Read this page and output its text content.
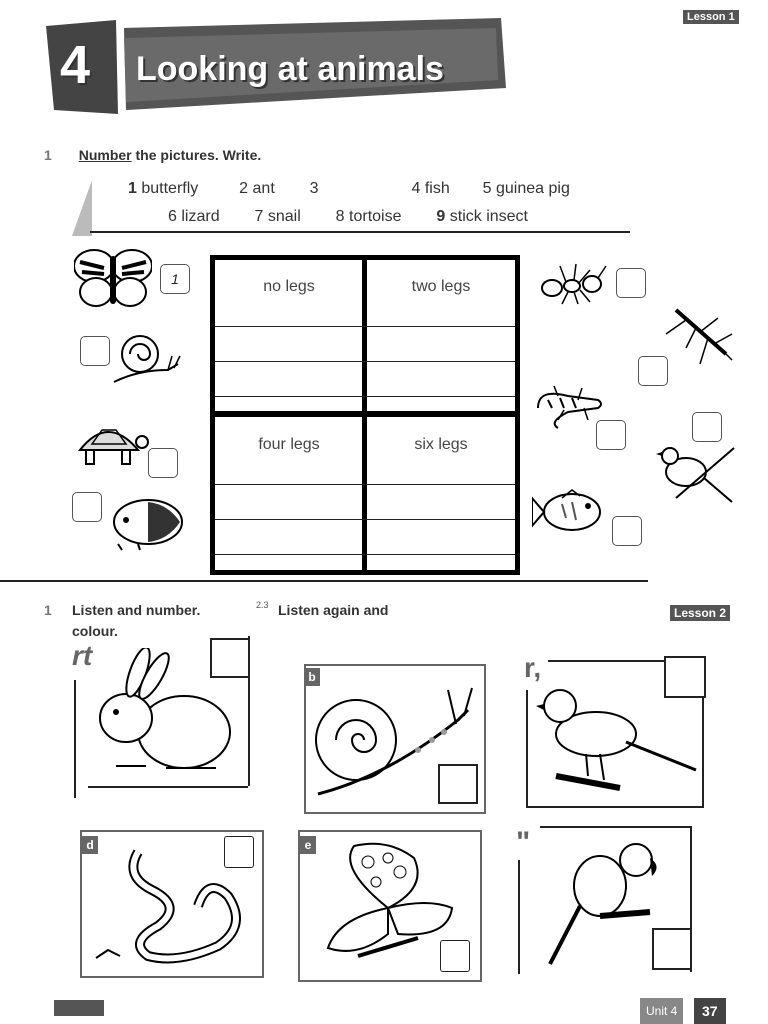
Lesson 1
4 Looking at animals
1 Number the pictures. Write.
1 butterfly	2 ant 3	4 fish 5 guinea pig
6 lizard 7 snail 8 tortoise 9 stick insect
1	no legs	two legs
four legs	six legs
1 Listen and number.	2.3 Listen again and
colour.
Lesson 2
rt
b	r,
d	e	"
Unit 4	37
